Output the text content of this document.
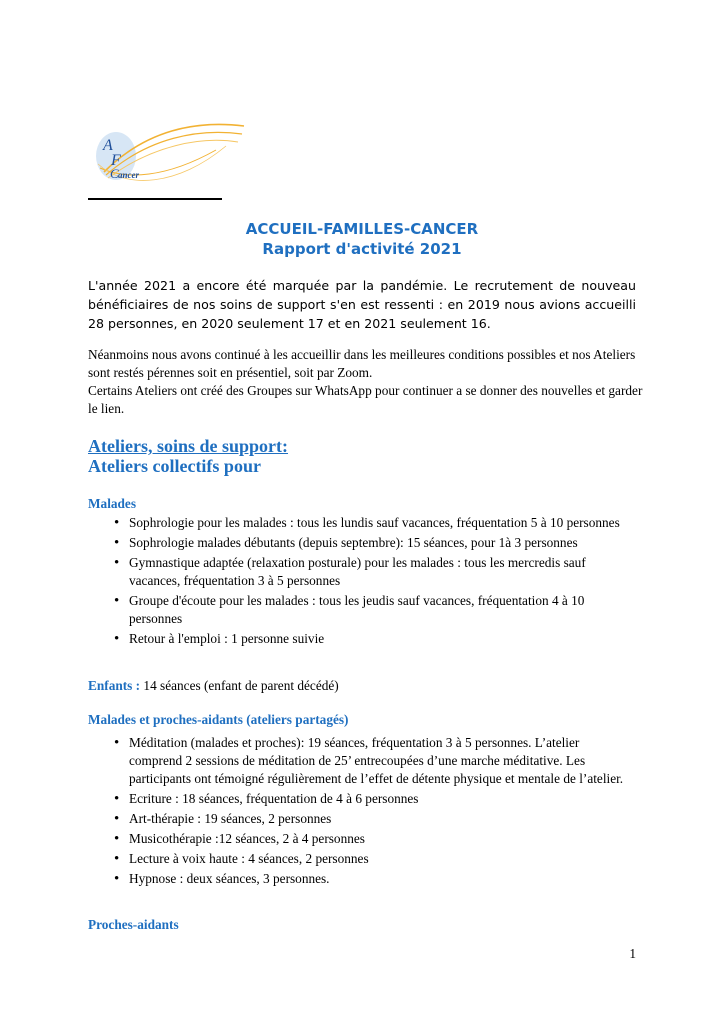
A
F
C ancer
ACCUEIL-FAMILLES-CANCER
Rapport d'activité 2021

L'année 2021 a encore été marquée par la pandémie. Le recrutement de nouveau bénéficiaires de nos soins de support s'en est ressenti : en 2019 nous avions accueilli 28 personnes, en 2020 seulement 17 et en 2021 seulement 16.

Néanmoins nous avons continué à les accueillir dans les meilleures conditions possibles et nos Ateliers sont restés pérennes soit en présentiel, soit par Zoom.

Certains Ateliers ont créé des Groupes sur WhatsApp pour continuer a se donner des nouvelles et garder le lien.

Ateliers, soins de support:
Ateliers collectifs pour
Malades
• Sophrologie pour les malades : tous les lundis sauf vacances, fréquentation 5 à 10 personnes
• Sophrologie malades débutants (depuis septembre): 15 séances, pour 1à 3 personnes
• Gymnastique adaptée (relaxation posturale) pour les malades : tous les mercredis sauf vacances, fréquentation 3 à 5 personnes
• Groupe d'écoute pour les malades : tous les jeudis sauf vacances, fréquentation 4 à 10 personnes
• Retour à l'emploi : 1 personne suivie
Enfants : 14 séances (enfant de parent décédé)
Malades et proches-aidants (ateliers partagés)
• Méditation (malades et proches): 19 séances, fréquentation 3 à 5 personnes. L’atelier comprend 2 sessions de méditation de 25’ entrecoupées d’une marche méditative. Les participants ont témoigné régulièrement de l’effet de détente physique et mentale de l’atelier.
• Ecriture : 18 séances, fréquentation de 4 à 6 personnes
• Art-thérapie : 19 séances, 2 personnes
• Musicothérapie :12 séances, 2 à 4 personnes
• Lecture à voix haute : 4 séances, 2 personnes
• Hypnose : deux séances, 3 personnes.
Proches-aidants
1
